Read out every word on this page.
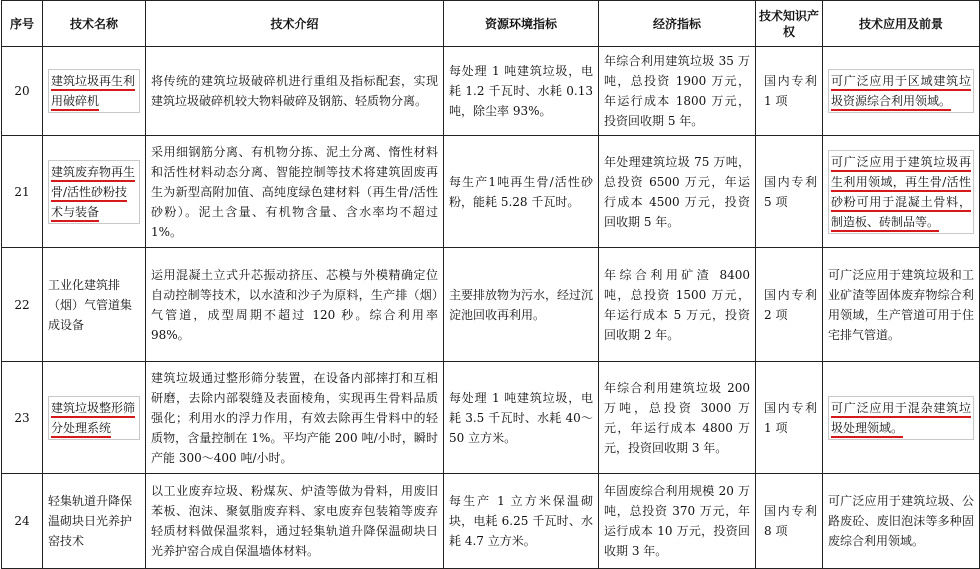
序号	技术名称	技术介绍	资源环境指标	经济指标	技术知识产权	技术应用及前景
20	建筑垃圾再生利用破碎机	将传统的建筑垃圾破碎机进行重组及指标配套，实现建筑垃圾破碎机较大物料破碎及钢筋、轻质物分离。	每处理 1 吨建筑垃圾，电耗 1.2 千瓦时、水耗 0.13 吨，除尘率 93%。	年综合利用建筑垃圾 35 万吨，总投资 1900 万元，年运行成本 1800 万元，投资回收期 5 年。	国内专利 1 项	可广泛应用于区域建筑垃圾资源综合利用领域。
21	建筑废弃物再生骨/活性砂粉技术与装备	采用细钢筋分离、有机物分拣、泥土分离、惰性材料和活性材料动态分离、智能控制等技术将建筑固废再生为新型高附加值、高纯度绿色建材料（再生骨/活性砂粉）。泥土含量、有机物含量、含水率均不超过 1%。	每生产1吨再生骨/活性砂粉，能耗 5.28 千瓦时。	年处理建筑垃圾 75 万吨，总投资 6500 万元，年运行成本 4500 万元，投资回收期 5 年。	国内专利 5 项	可广泛应用于建筑垃圾再生利用领域，再生骨/活性砂粉可用于混凝土骨料，制造板、砖制品等。
22	工业化建筑排（烟）气管道集成设备	运用混凝土立式升芯振动挤压、芯模与外模精确定位自动控制等技术，以水渣和沙子为原料，生产排（烟）气管道，成型周期不超过 120 秒。综合利用率 98%。	主要排放物为污水，经过沉淀池回收再利用。	年综合利用矿渣 8400 吨，总投资 1500 万元，年运行成本 5 万元，投资回收期 2 年。	国内专利 2 项	可广泛应用于建筑垃圾和工业矿渣等固体废弃物综合利用领域，生产管道可用于住宅排气管道。
23	建筑垃圾整形筛分处理系统	建筑垃圾通过整形筛分装置，在设备内部摔打和互相研磨，去除内部裂缝及表面棱角，实现再生骨料品质强化；利用水的浮力作用，有效去除再生骨料中的轻质物，含量控制在 1%。平均产能 200 吨/小时，瞬时产能 300～400 吨/小时。	每处理 1 吨建筑垃圾，电耗 3.5 千瓦时、水耗 40～50 立方米。	年综合利用建筑垃圾 200 万吨，总投资 3000 万元，年运行成本 4800 万元，投资回收期 3 年。	国内专利 1 项	可广泛应用于混杂建筑垃圾处理领域。
24	轻集轨道升降保温砌块日光养护窑技术	以工业废弃垃圾、粉煤灰、炉渣等做为骨料，用废旧苯板、泡沫、聚氨脂废弃料、家电废弃包装箱等废弃轻质材料做保温浆料，通过轻集轨道升降保温砌块日光养护窑合成自保温墙体材料。	每生产 1 立方米保温砌块，电耗 6.25 千瓦时、水耗 4.7 立方米。	年固废综合利用规模 20 万吨，总投资 370 万元，年运行成本 10 万元，投资回收期 3 年。	国内专利 8 项	可广泛应用于建筑垃圾、公路废砼、废旧泡沫等多种固废综合利用领域。
